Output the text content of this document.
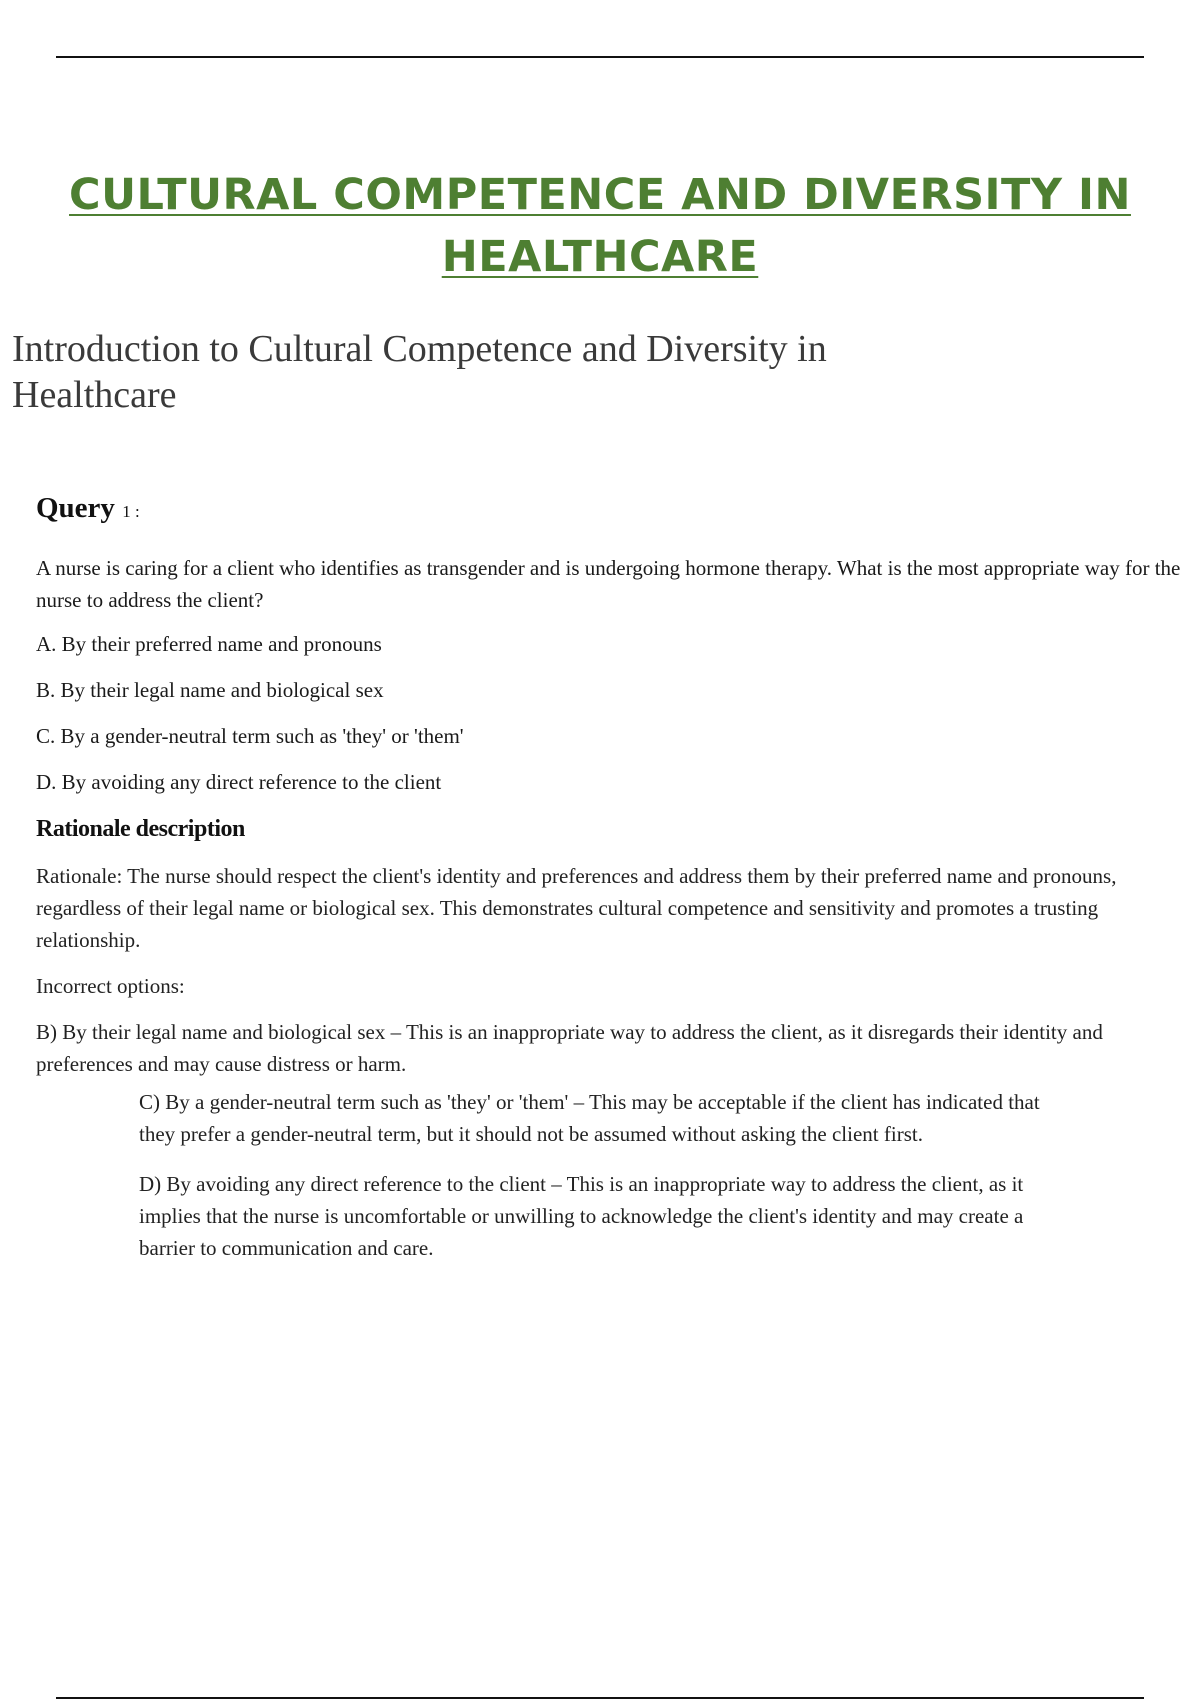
CULTURAL COMPETENCE AND DIVERSITY IN
HEALTHCARE
Introduction to Cultural Competence and Diversity in Healthcare
Query 1 :

A nurse is caring for a client who identifies as transgender and is undergoing hormone therapy. What is the most appropriate way for the nurse to address the client?

A. By their preferred name and pronouns

B. By their legal name and biological sex

C. By a gender-neutral term such as 'they' or 'them'

D. By avoiding any direct reference to the client

Rationale description

Rationale: The nurse should respect the client's identity and preferences and address them by their preferred name and pronouns, regardless of their legal name or biological sex. This demonstrates cultural competence and sensitivity and promotes a trusting relationship.

Incorrect options:

B) By their legal name and biological sex – This is an inappropriate way to address the client, as it disregards their identity and preferences and may cause distress or harm.

C) By a gender-neutral term such as 'they' or 'them' – This may be acceptable if the client has indicated that they prefer a gender-neutral term, but it should not be assumed without asking the client first.

D) By avoiding any direct reference to the client – This is an inappropriate way to address the client, as it implies that the nurse is uncomfortable or unwilling to acknowledge the client's identity and may create a barrier to communication and care.
